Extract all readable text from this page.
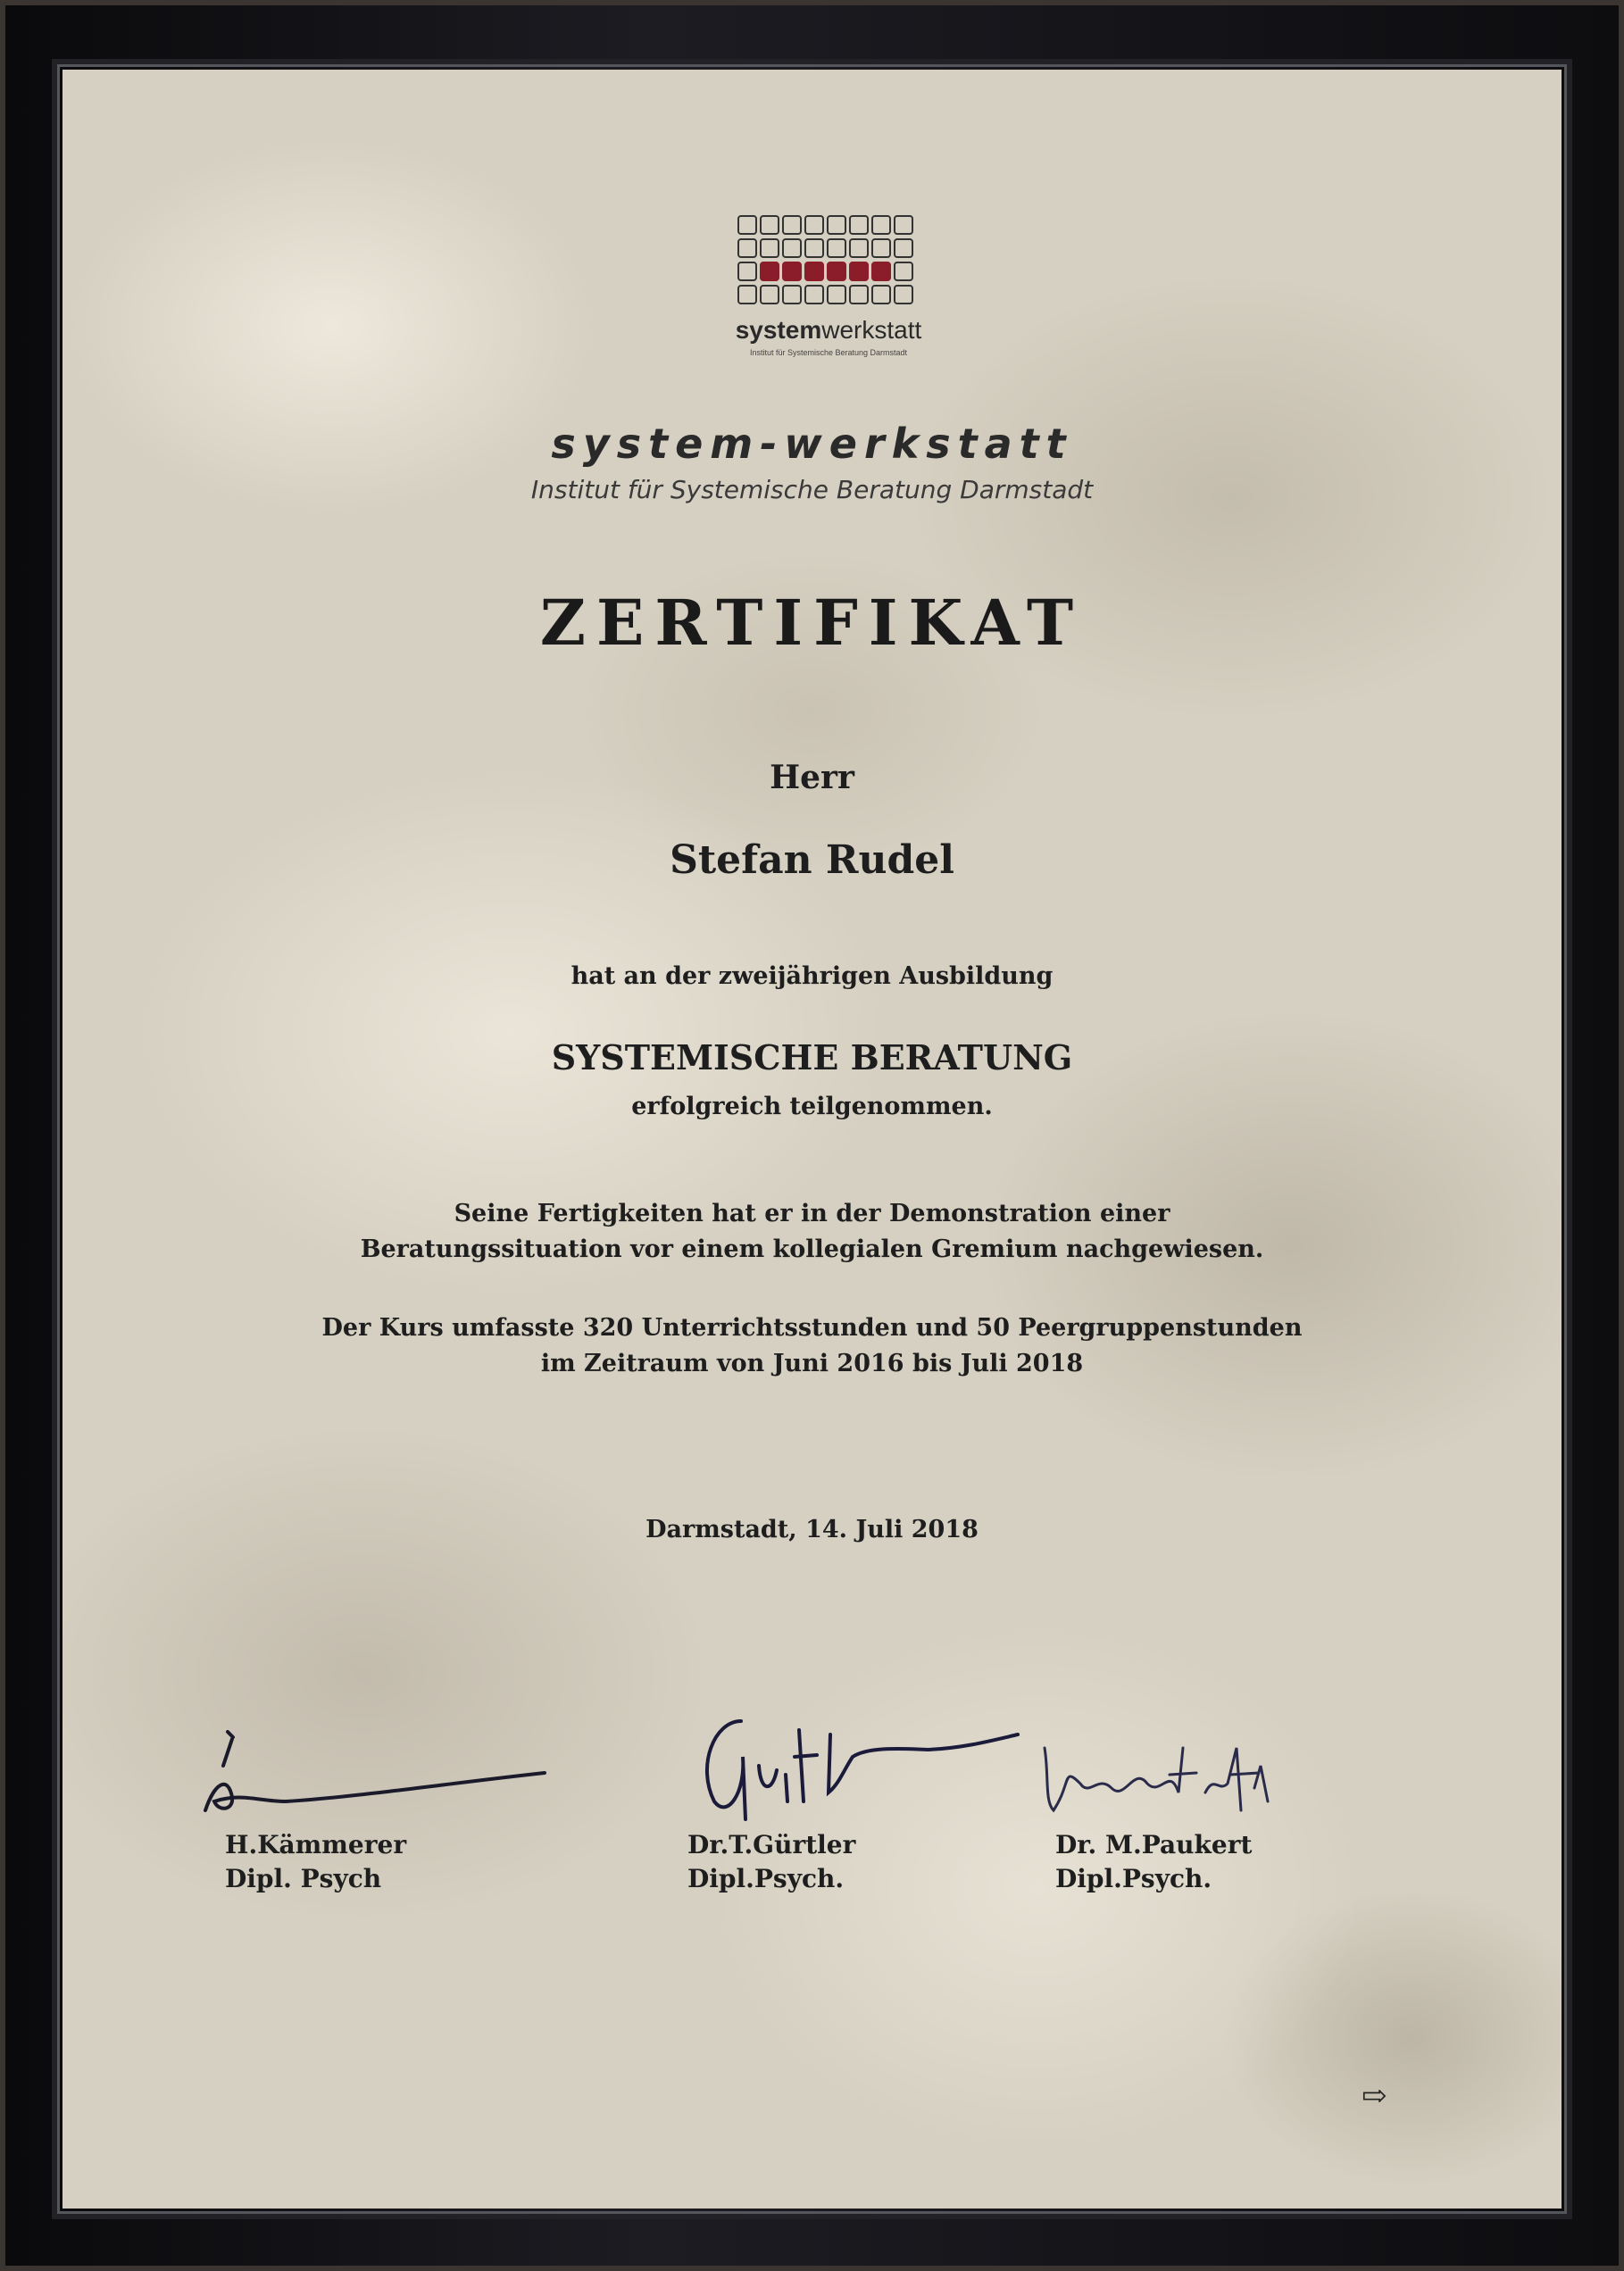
systemwerkstatt
Institut für Systemische Beratung Darmstadt
system-werkstatt
Institut für Systemische Beratung Darmstadt
ZERTIFIKAT
Herr
Stefan Rudel
hat an der zweijährigen Ausbildung
SYSTEMISCHE BERATUNG
erfolgreich teilgenommen.
Seine Fertigkeiten hat er in der Demonstration einer
Beratungssituation vor einem kollegialen Gremium nachgewiesen.
Der Kurs umfasste 320 Unterrichtsstunden und 50 Peergruppenstunden
im Zeitraum von Juni 2016 bis Juli 2018
Darmstadt, 14. Juli 2018
H.Kämmerer
Dipl. Psych
Dr.T.Gürtler
Dipl.Psych.
Dr. M.Paukert
Dipl.Psych.
⇨
